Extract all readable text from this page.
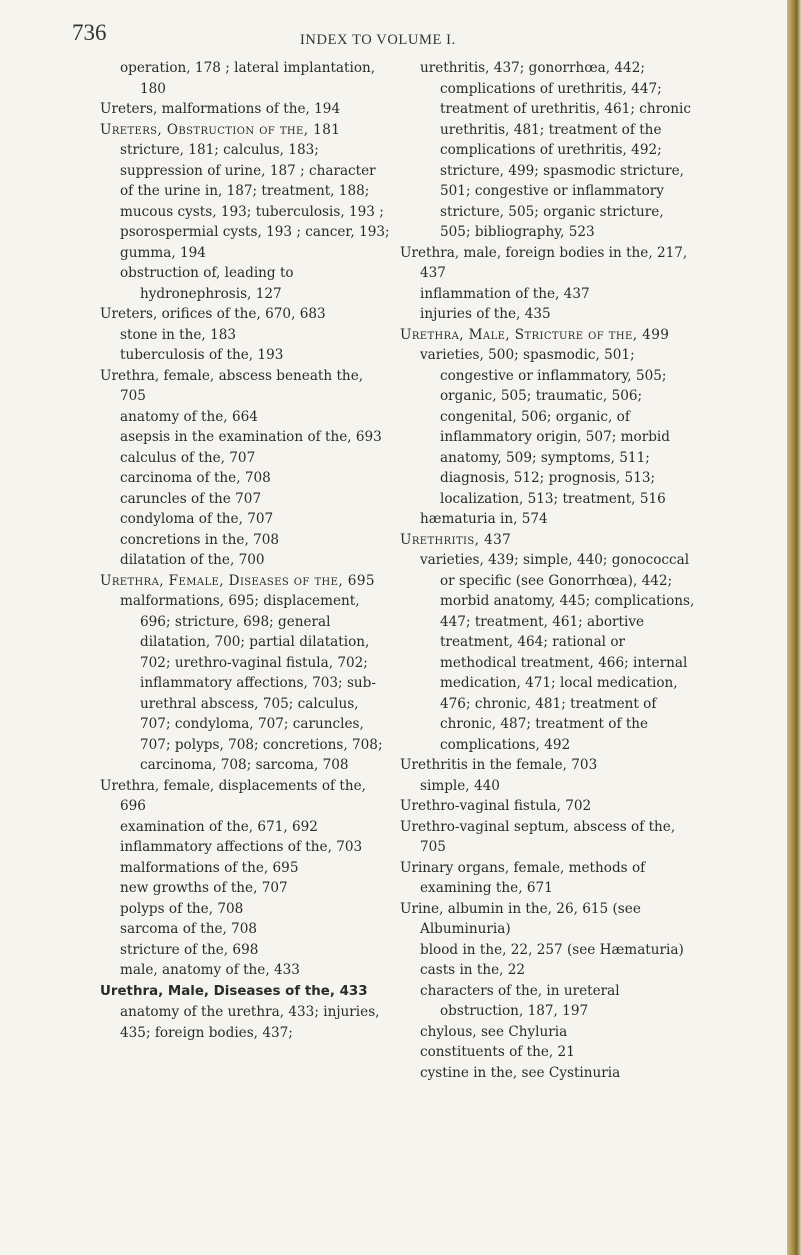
736	INDEX TO VOLUME I.
operation, 178 ; lateral implantation, 180
Ureters, malformations of the, 194
Ureters, Obstruction of the, 181 stricture, 181; calculus, 183; suppression of urine, 187 ; character of the urine in, 187; treatment, 188; mucous cysts, 193; tuberculosis, 193 ; psorospermial cysts, 193 ; cancer, 193; gumma, 194
obstruction of, leading to hydronephrosis, 127
Ureters, orifices of the, 670, 683
stone in the, 183
tuberculosis of the, 193
Urethra, female, abscess beneath the, 705
anatomy of the, 664
asepsis in the examination of the, 693
calculus of the, 707
carcinoma of the, 708
caruncles of the 707
condyloma of the, 707
concretions in the, 708
dilatation of the, 700
Urethra, Female, Diseases of the, 695
malformations, 695; displacement, 696; stricture, 698; general dilatation, 700; partial dilatation, 702; urethro-vaginal fistula, 702; inflammatory affections, 703; sub-urethral abscess, 705; calculus, 707; condyloma, 707; caruncles, 707; polyps, 708; concretions, 708; carcinoma, 708; sarcoma, 708
Urethra, female, displacements of the, 696
examination of the, 671, 692
inflammatory affections of the, 703
malformations of the, 695
new growths of the, 707
polyps of the, 708
sarcoma of the, 708
stricture of the, 698
male, anatomy of the, 433
Urethra, Male, Diseases of the, 433 anatomy of the urethra, 433; injuries, 435; foreign bodies, 437;
urethritis, 437; gonorrhœa, 442; complications of urethritis, 447; treatment of urethritis, 461; chronic urethritis, 481; treatment of the complications of urethritis, 492; stricture, 499; spasmodic stricture, 501; congestive or inflammatory stricture, 505; organic stricture, 505; bibliography, 523
Urethra, male, foreign bodies in the, 217, 437
inflammation of the, 437
injuries of the, 435
Urethra, Male, Stricture of the, 499
varieties, 500; spasmodic, 501; congestive or inflammatory, 505; organic, 505; traumatic, 506; congenital, 506; organic, of inflammatory origin, 507; morbid anatomy, 509; symptoms, 511; diagnosis, 512; prognosis, 513; localization, 513; treatment, 516
hæmaturia in, 574
Urethritis, 437
varieties, 439; simple, 440; gonococcal or specific (see Gonorrhœa), 442; morbid anatomy, 445; complications, 447; treatment, 461; abortive treatment, 464; rational or methodical treatment, 466; internal medication, 471; local medication, 476; chronic, 481; treatment of chronic, 487; treatment of the complications, 492
Urethritis in the female, 703
simple, 440
Urethro-vaginal fistula, 702
Urethro-vaginal septum, abscess of the, 705
Urinary organs, female, methods of examining the, 671
Urine, albumin in the, 26, 615 (see Albuminuria)
blood in the, 22, 257 (see Hæmaturia)
casts in the, 22
characters of the, in ureteral obstruction, 187, 197
chylous, see Chyluria
constituents of the, 21
cystine in the, see Cystinuria
